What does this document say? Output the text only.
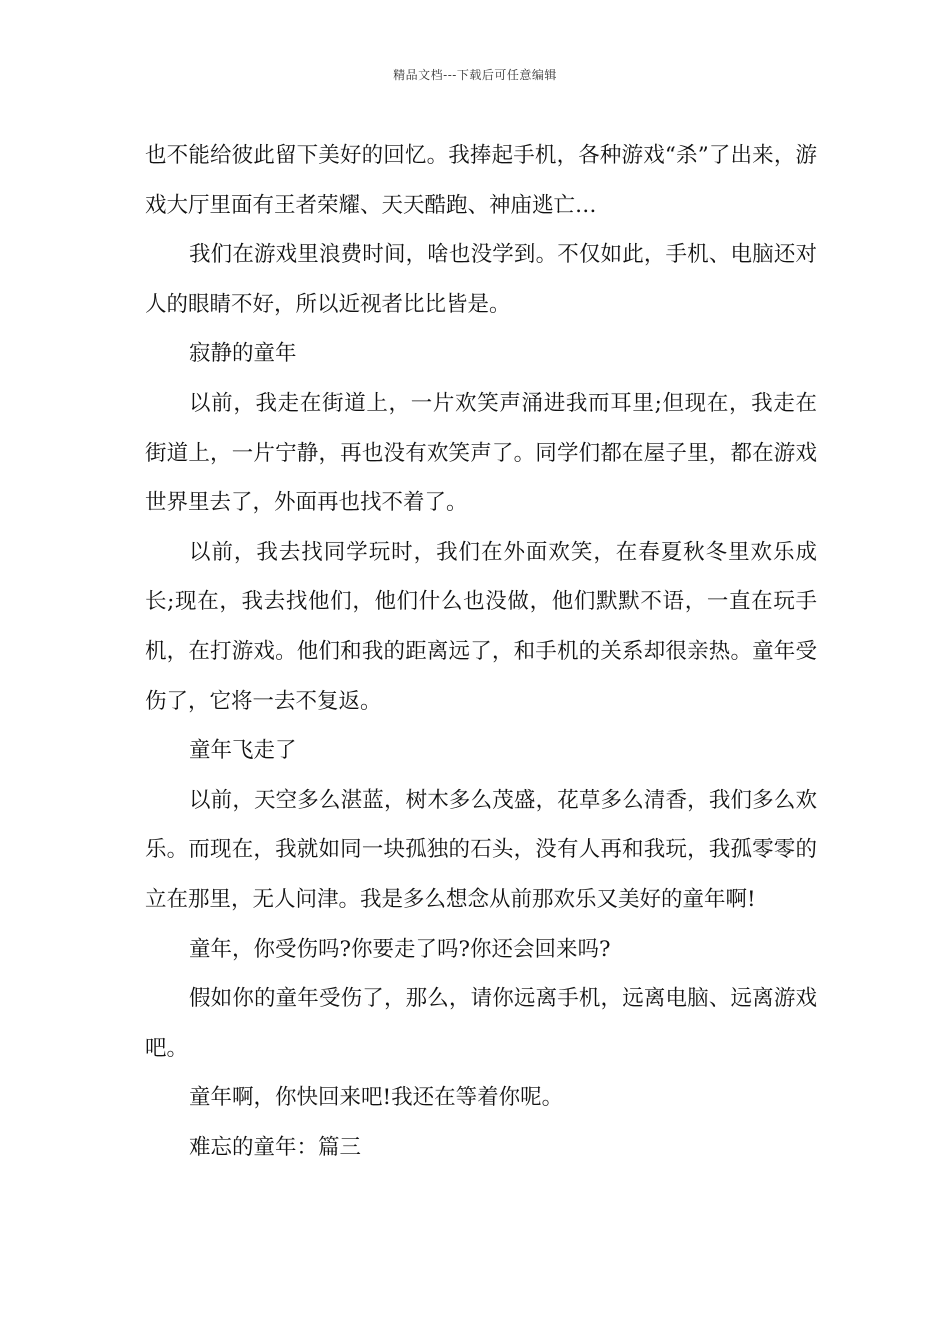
精品文档---下载后可任意编辑

也不能给彼此留下美好的回忆。我捧起手机，各种游戏“杀”了出来，游戏大厅里面有王者荣耀、天天酷跑、神庙逃亡…

我们在游戏里浪费时间，啥也没学到。不仅如此，手机、电脑还对人的眼睛不好，所以近视者比比皆是。

寂静的童年

以前，我走在街道上，一片欢笑声涌进我而耳里;但现在，我走在街道上，一片宁静，再也没有欢笑声了。同学们都在屋子里，都在游戏世界里去了，外面再也找不着了。

以前，我去找同学玩时，我们在外面欢笑，在春夏秋冬里欢乐成长;现在，我去找他们，他们什么也没做，他们默默不语，一直在玩手机，在打游戏。他们和我的距离远了，和手机的关系却很亲热。童年受伤了，它将一去不复返。

童年飞走了

以前，天空多么湛蓝，树木多么茂盛，花草多么清香，我们多么欢乐。而现在，我就如同一块孤独的石头，没有人再和我玩，我孤零零的立在那里，无人问津。我是多么想念从前那欢乐又美好的童年啊!

童年，你受伤吗?你要走了吗?你还会回来吗?

假如你的童年受伤了，那么，请你远离手机，远离电脑、远离游戏吧。

童年啊，你快回来吧!我还在等着你呢。

难忘的童年：篇三
